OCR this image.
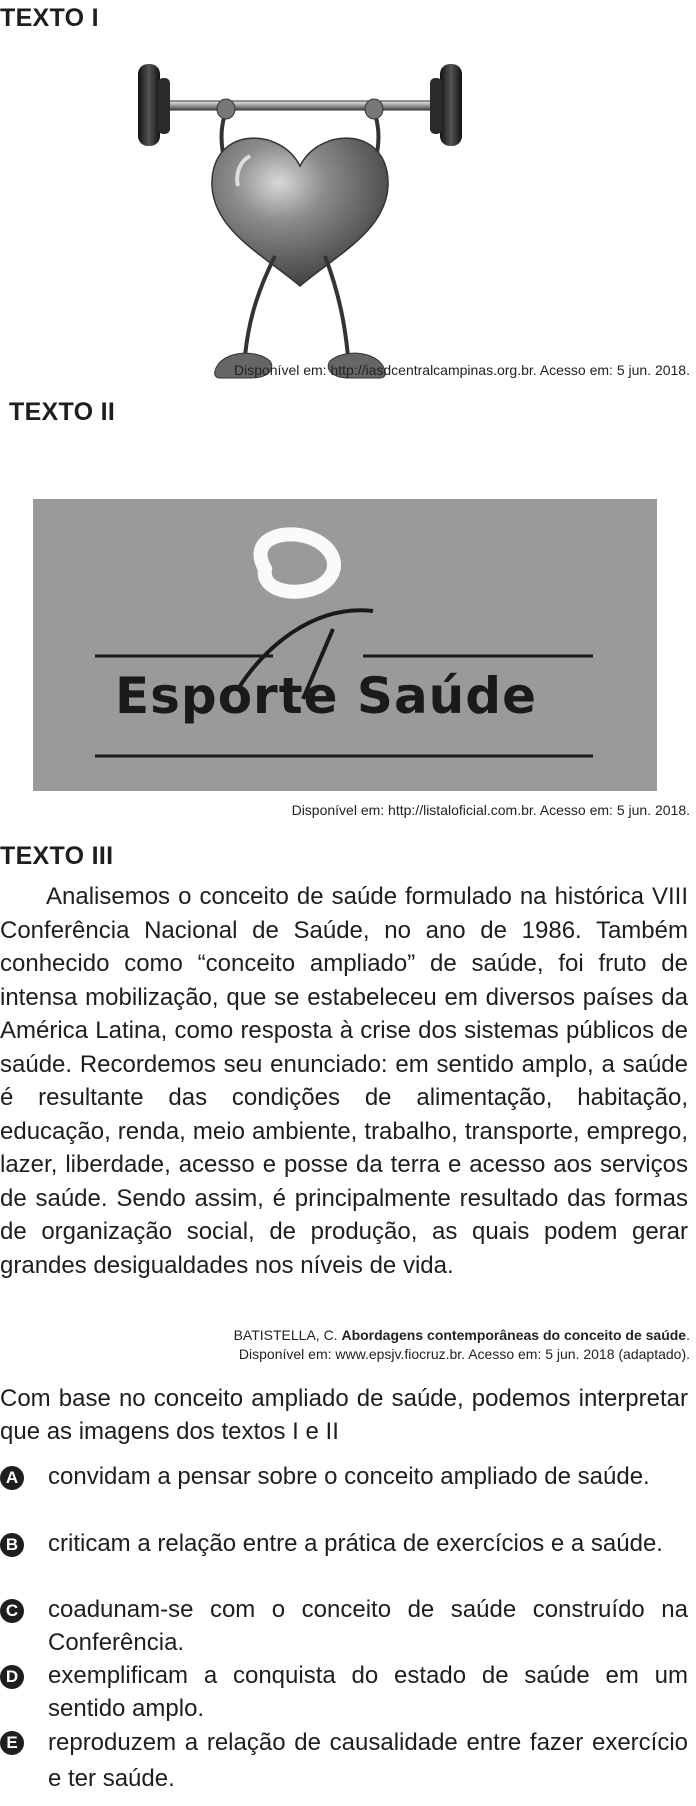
TEXTO I
Disponível em: http://iasdcentralcampinas.org.br. Acesso em: 5 jun. 2018.
TEXTO II
Esporte Saúde
Disponível em: http://listaloficial.com.br. Acesso em: 5 jun. 2018.
TEXTO III
Analisemos o conceito de saúde formulado na histórica VIII Conferência Nacional de Saúde, no ano de 1986. Também conhecido como “conceito ampliado” de saúde, foi fruto de intensa mobilização, que se estabeleceu em diversos países da América Latina, como resposta à crise dos sistemas públicos de saúde. Recordemos seu enunciado: em sentido amplo, a saúde é resultante das condições de alimentação, habitação, educação, renda, meio ambiente, trabalho, transporte, emprego, lazer, liberdade, acesso e posse da terra e acesso aos serviços de saúde. Sendo assim, é principalmente resultado das formas de organização social, de produção, as quais podem gerar grandes desigualdades nos níveis de vida.
BATISTELLA, C. Abordagens contemporâneas do conceito de saúde.
Disponível em: www.epsjv.fiocruz.br. Acesso em: 5 jun. 2018 (adaptado).
Com base no conceito ampliado de saúde, podemos interpretar que as imagens dos textos I e II
A convidam a pensar sobre o conceito ampliado de saúde.
B criticam a relação entre a prática de exercícios e a saúde.
C coadunam-se com o conceito de saúde construído na Conferência.
D exemplificam a conquista do estado de saúde em um sentido amplo.
E reproduzem a relação de causalidade entre fazer exercício e ter saúde.
